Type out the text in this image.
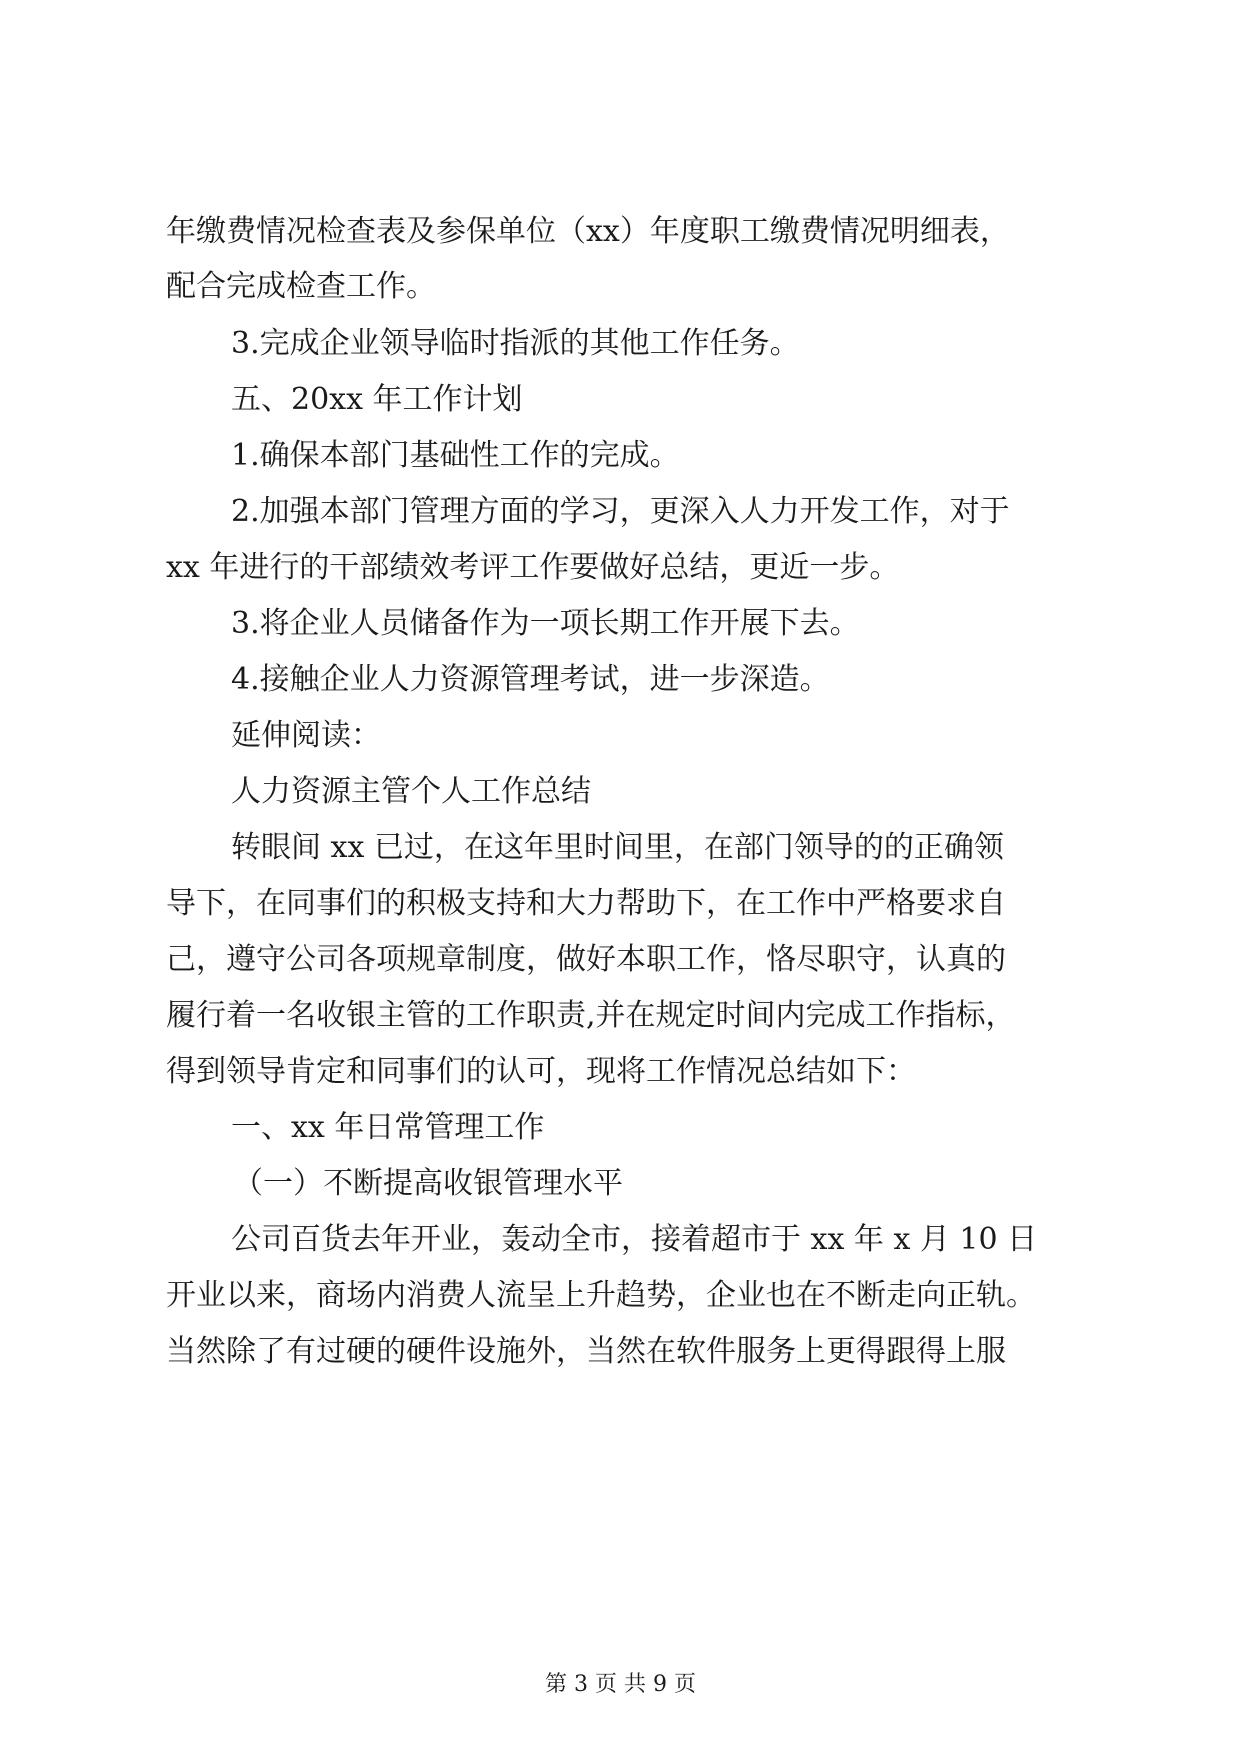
年缴费情况检查表及参保单位（xx）年度职工缴费情况明细表，
配合完成检查工作。
3.完成企业领导临时指派的其他工作任务。
五、20xx 年工作计划
1.确保本部门基础性工作的完成。
2.加强本部门管理方面的学习，更深入人力开发工作，对于
xx 年进行的干部绩效考评工作要做好总结，更近一步。
3.将企业人员储备作为一项长期工作开展下去。
4.接触企业人力资源管理考试，进一步深造。
延伸阅读：
人力资源主管个人工作总结
转眼间 xx 已过，在这年里时间里，在部门领导的的正确领
导下，在同事们的积极支持和大力帮助下，在工作中严格要求自
己，遵守公司各项规章制度，做好本职工作，恪尽职守，认真的
履行着一名收银主管的工作职责,并在规定时间内完成工作指标，
得到领导肯定和同事们的认可，现将工作情况总结如下：
一、xx 年日常管理工作
（一）不断提高收银管理水平
公司百货去年开业，轰动全市，接着超市于 xx 年 x 月 10 日
开业以来，商场内消费人流呈上升趋势，企业也在不断走向正轨。
当然除了有过硬的硬件设施外，当然在软件服务上更得跟得上服
第 3 页 共 9 页
